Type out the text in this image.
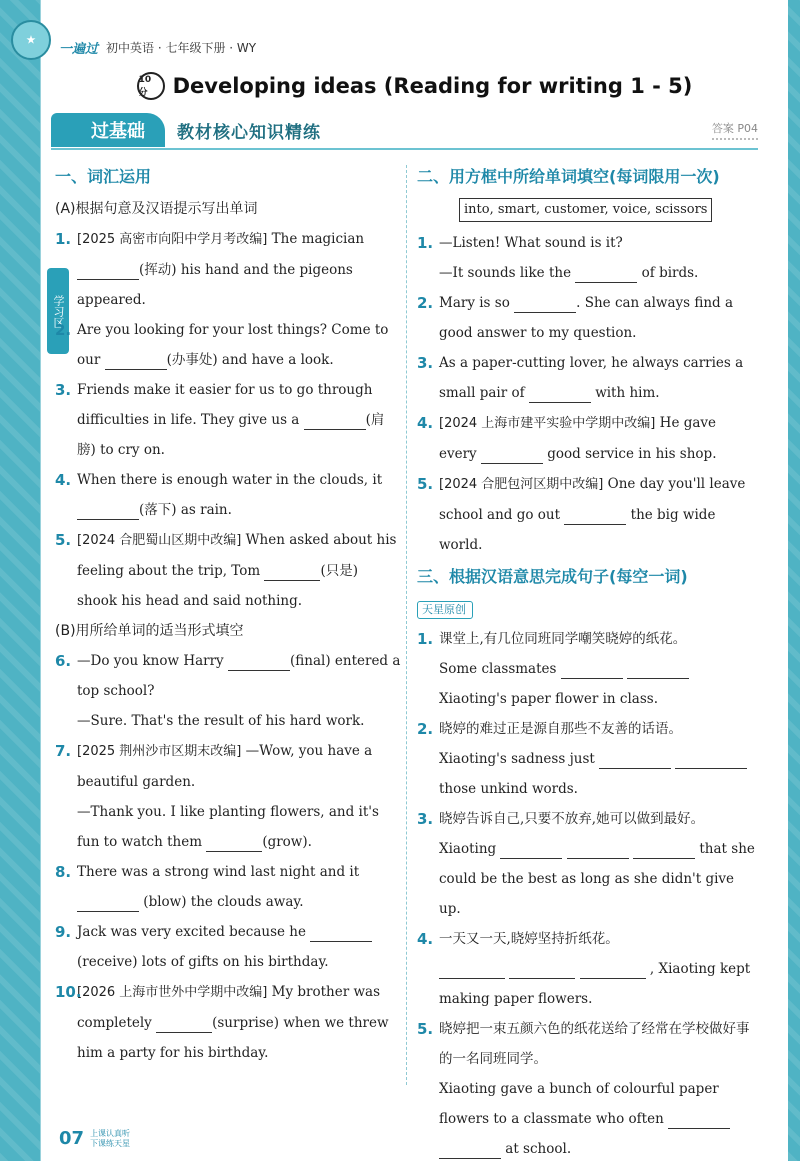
★
一遍过 初中英语 · 七年级下册 · WY
10 分	Developing ideas (Reading for writing 1 - 5)
过基础	教材核心知识精练	答案 P04
学习区
一、词汇运用
(A)根据句意及汉语提示写出单词
1. [2025 高密市向阳中学月考改编] The magician (挥动) his hand and the pigeons appeared.
2. Are you looking for your lost things? Come to our	(办事处) and have a look.
3. Friends make it easier for us to go through difficulties in life. They give us a	(肩膀) to cry on.
4. When there is enough water in the clouds, it (落下) as rain.
5. [2024 合肥蜀山区期中改编] When asked about his feeling about the trip, Tom	(只是) shook his head and said nothing.
(B)用所给单词的适当形式填空
6. —Do you know Harry	(final) entered a top school?
—Sure. That's the result of his hard work.
7. [2025 荆州沙市区期末改编] —Wow, you have a beautiful garden.
—Thank you. I like planting flowers, and it's fun to watch them	(grow).
8. There was a strong wind last night and it  (blow) the clouds away.
9. Jack was very excited because he  (receive) lots of gifts on his birthday.
10.
[2026 上海市世外中学期中改编] My brother was completely	(surprise) when we threw him a party for his birthday.
二、用方框中所给单词填空(每词限用一次)
into, smart, customer, voice, scissors
1. —Listen! What sound is it?
—It sounds like the	of birds.
2. Mary is so	. She can always find a good answer to my question.
3. As a paper-cutting lover, he always carries a small pair of	with him.
4. [2024 上海市建平实验中学期中改编] He gave every	good service in his shop.
5. [2024 合肥包河区期中改编] One day you'll leave school and go out	the big wide world.
三、根据汉语意思完成句子(每空一词)
天星原创
1. 课堂上,有几位同班同学嘲笑晓婷的纸花。
Some classmates   Xiaoting's paper flower in class.
2. 晓婷的难过正是源自那些不友善的话语。
Xiaoting's sadness just   those unkind words.
3. 晓婷告诉自己,只要不放弃,她可以做到最好。
Xiaoting	that she could be the best as long as she didn't give up.
4. 一天又一天,晓婷坚持折纸花。
, Xiaoting kept making paper flowers.
5. 晓婷把一束五颜六色的纸花送给了经常在学校做好事的一名同班同学。
Xiaoting gave a bunch of colourful paper flowers to a classmate who often   at school.
07 上课认真听
下课练天星
